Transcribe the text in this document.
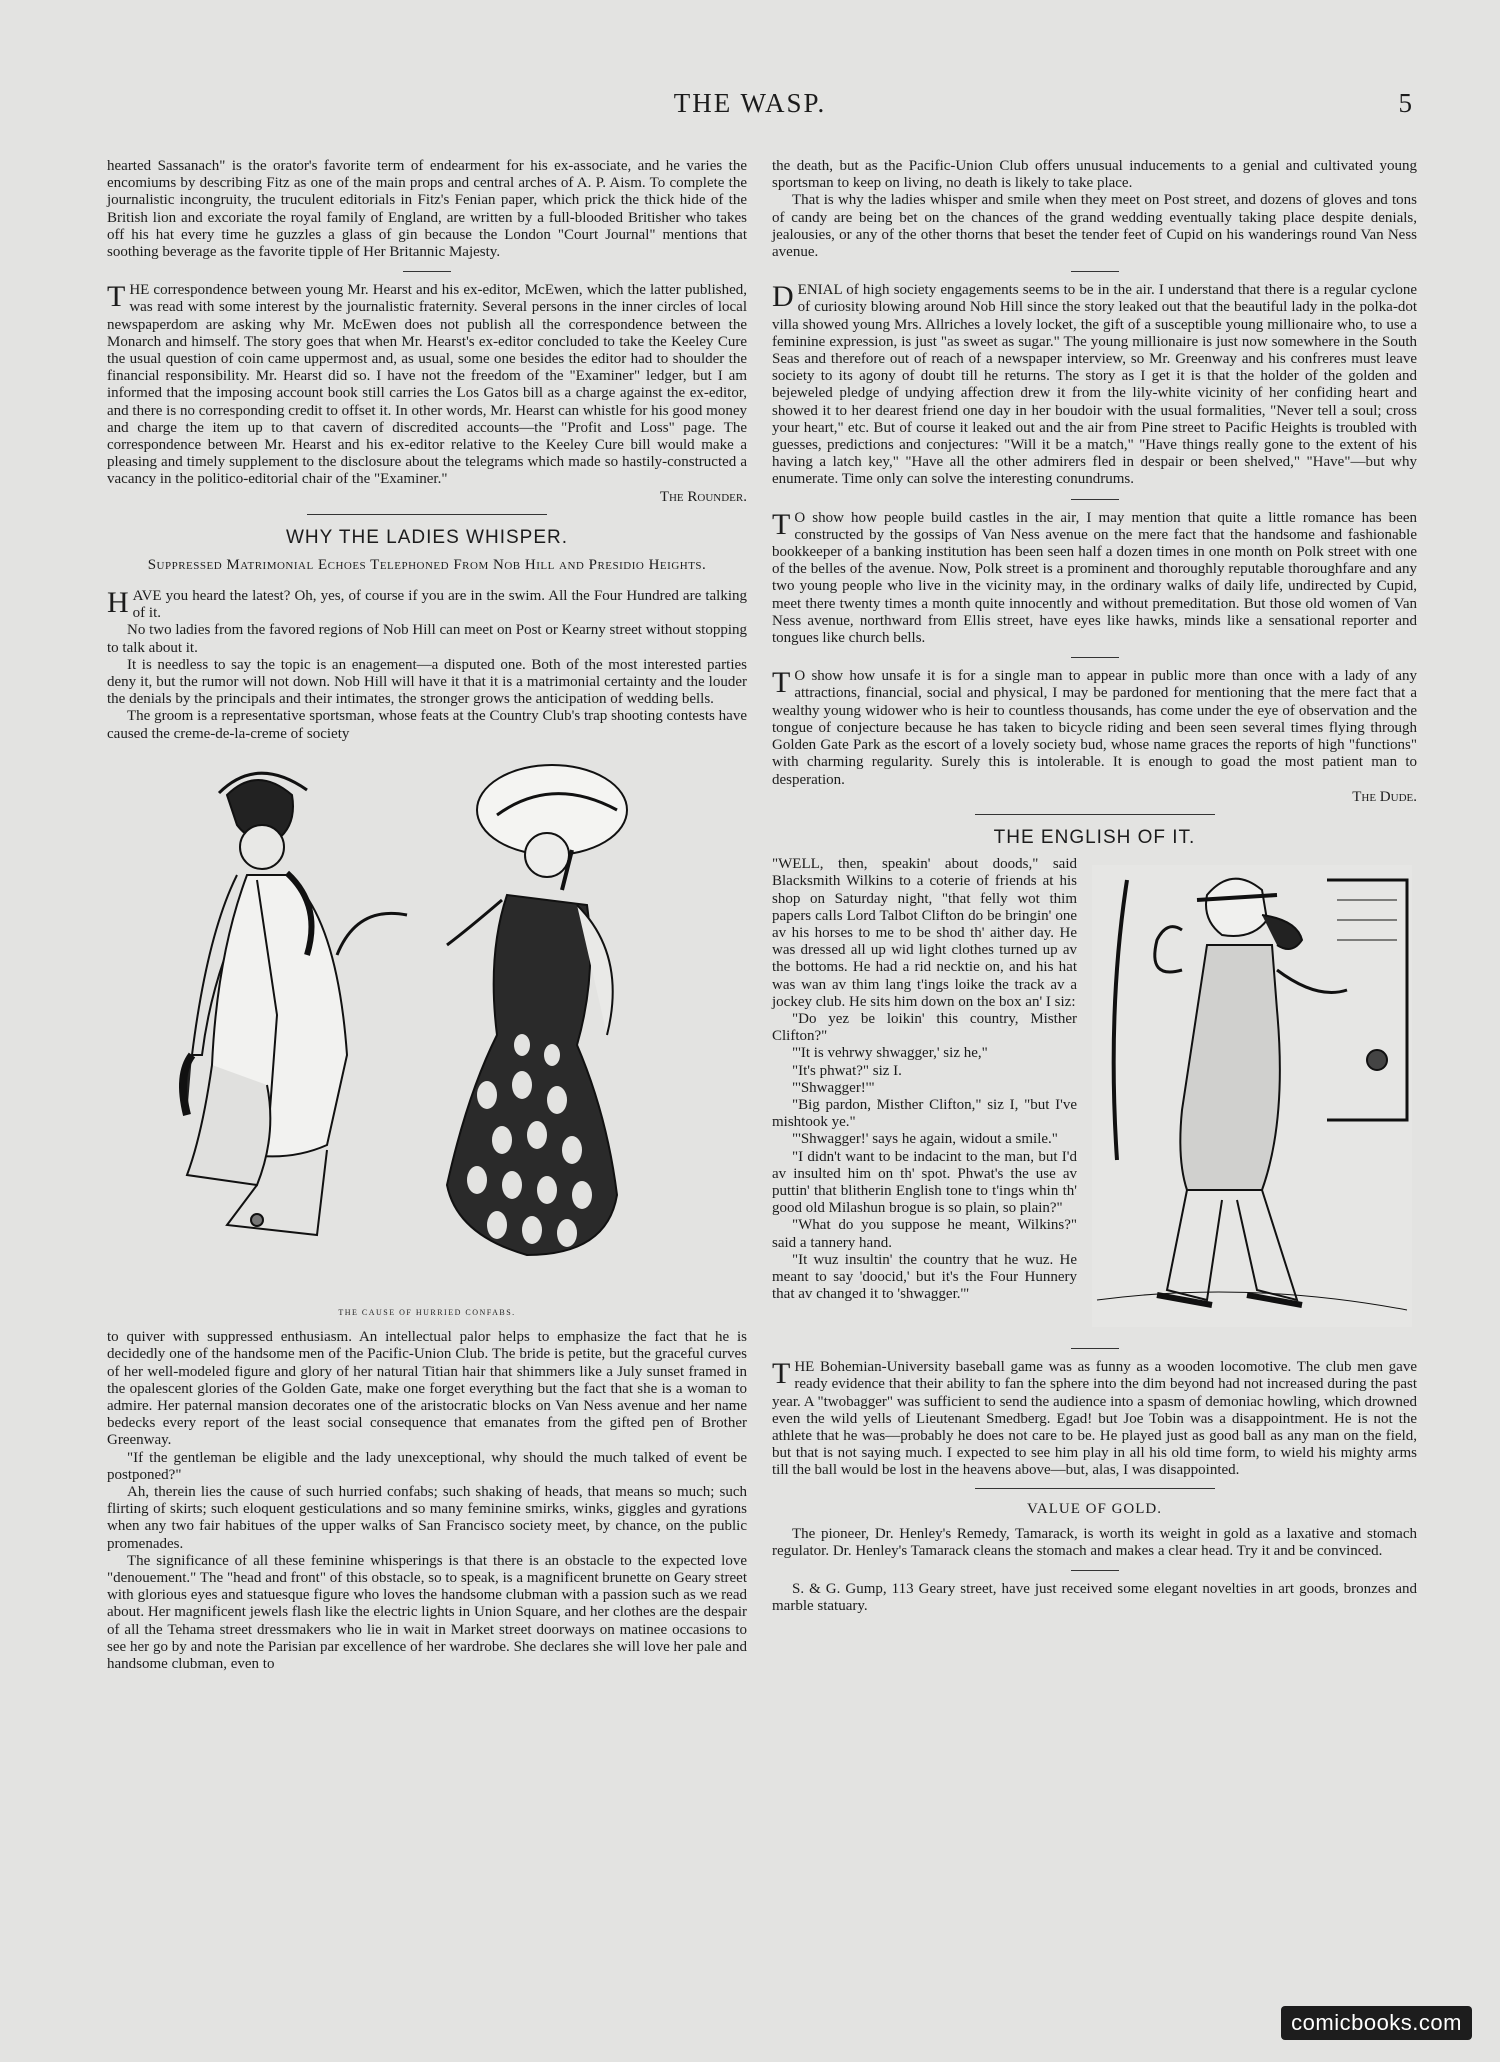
THE WASP.	5

hearted Sassanach" is the orator's favorite term of endearment for his ex-associate, and he varies the encomiums by describing Fitz as one of the main props and central arches of A. P. Aism. To complete the journalistic incongruity, the truculent editorials in Fitz's Fenian paper, which prick the thick hide of the British lion and excoriate the royal family of England, are written by a full-blooded Britisher who takes off his hat every time he guzzles a glass of gin because the London "Court Journal" mentions that soothing beverage as the favorite tipple of Her Britannic Majesty.

THE correspondence between young Mr. Hearst and his ex-editor, McEwen, which the latter published, was read with some interest by the journalistic fraternity. Several persons in the inner circles of local newspaperdom are asking why Mr. McEwen does not publish all the correspondence between the Monarch and himself. The story goes that when Mr. Hearst's ex-editor concluded to take the Keeley Cure the usual question of coin came uppermost and, as usual, some one besides the editor had to shoulder the financial responsibility. Mr. Hearst did so. I have not the freedom of the "Examiner" ledger, but I am informed that the imposing account book still carries the Los Gatos bill as a charge against the ex-editor, and there is no corresponding credit to offset it. In other words, Mr. Hearst can whistle for his good money and charge the item up to that cavern of discredited accounts—the "Profit and Loss" page. The correspondence between Mr. Hearst and his ex-editor relative to the Keeley Cure bill would make a pleasing and timely supplement to the disclosure about the telegrams which made so hastily-constructed a vacancy in the politico-editorial chair of the "Examiner."

The Rounder.
WHY THE LADIES WHISPER.
Suppressed Matrimonial Echoes Telephoned From Nob Hill and Presidio Heights.

HAVE you heard the latest? Oh, yes, of course if you are in the swim. All the Four Hundred are talking of it.

No two ladies from the favored regions of Nob Hill can meet on Post or Kearny street without stopping to talk about it.

It is needless to say the topic is an enagement—a disputed one. Both of the most interested parties deny it, but the rumor will not down. Nob Hill will have it that it is a matrimonial certainty and the louder the denials by the principals and their intimates, the stronger grows the anticipation of wedding bells.

The groom is a representative sportsman, whose feats at the Country Club's trap shooting contests have caused the creme-de-la-creme of society

THE CAUSE OF HURRIED CONFABS.

to quiver with suppressed enthusiasm. An intellectual palor helps to emphasize the fact that he is decidedly one of the handsome men of the Pacific-Union Club. The bride is petite, but the graceful curves of her well-modeled figure and glory of her natural Titian hair that shimmers like a July sunset framed in the opalescent glories of the Golden Gate, make one forget everything but the fact that she is a woman to admire. Her paternal mansion decorates one of the aristocratic blocks on Van Ness avenue and her name bedecks every report of the least social consequence that emanates from the gifted pen of Brother Greenway.

"If the gentleman be eligible and the lady unexceptional, why should the much talked of event be postponed?"

Ah, therein lies the cause of such hurried confabs; such shaking of heads, that means so much; such flirting of skirts; such eloquent gesticulations and so many feminine smirks, winks, giggles and gyrations when any two fair habitues of the upper walks of San Francisco society meet, by chance, on the public promenades.

The significance of all these feminine whisperings is that there is an obstacle to the expected love "denouement." The "head and front" of this obstacle, so to speak, is a magnificent brunette on Geary street with glorious eyes and statuesque figure who loves the handsome clubman with a passion such as we read about. Her magnificent jewels flash like the electric lights in Union Square, and her clothes are the despair of all the Tehama street dressmakers who lie in wait in Market street doorways on matinee occasions to see her go by and note the Parisian par excellence of her wardrobe. She declares she will love her pale and handsome clubman, even to

the death, but as the Pacific-Union Club offers unusual inducements to a genial and cultivated young sportsman to keep on living, no death is likely to take place.

That is why the ladies whisper and smile when they meet on Post street, and dozens of gloves and tons of candy are being bet on the chances of the grand wedding eventually taking place despite denials, jealousies, or any of the other thorns that beset the tender feet of Cupid on his wanderings round Van Ness avenue.

DENIAL of high society engagements seems to be in the air. I understand that there is a regular cyclone of curiosity blowing around Nob Hill since the story leaked out that the beautiful lady in the polka-dot villa showed young Mrs. Allriches a lovely locket, the gift of a susceptible young millionaire who, to use a feminine expression, is just "as sweet as sugar." The young millionaire is just now somewhere in the South Seas and therefore out of reach of a newspaper interview, so Mr. Greenway and his confreres must leave society to its agony of doubt till he returns. The story as I get it is that the holder of the golden and bejeweled pledge of undying affection drew it from the lily-white vicinity of her confiding heart and showed it to her dearest friend one day in her boudoir with the usual formalities, "Never tell a soul; cross your heart," etc. But of course it leaked out and the air from Pine street to Pacific Heights is troubled with guesses, predictions and conjectures: "Will it be a match," "Have things really gone to the extent of his having a latch key," "Have all the other admirers fled in despair or been shelved," "Have"—but why enumerate. Time only can solve the interesting conundrums.

TO show how people build castles in the air, I may mention that quite a little romance has been constructed by the gossips of Van Ness avenue on the mere fact that the handsome and fashionable bookkeeper of a banking institution has been seen half a dozen times in one month on Polk street with one of the belles of the avenue. Now, Polk street is a prominent and thoroughly reputable thoroughfare and any two young people who live in the vicinity may, in the ordinary walks of daily life, undirected by Cupid, meet there twenty times a month quite innocently and without premeditation. But those old women of Van Ness avenue, northward from Ellis street, have eyes like hawks, minds like a sensational reporter and tongues like church bells.

TO show how unsafe it is for a single man to appear in public more than once with a lady of any attractions, financial, social and physical, I may be pardoned for mentioning that the mere fact that a wealthy young widower who is heir to countless thousands, has come under the eye of observation and the tongue of conjecture because he has taken to bicycle riding and been seen several times flying through Golden Gate Park as the escort of a lovely society bud, whose name graces the reports of high "functions" with charming regularity. Surely this is intolerable. It is enough to goad the most patient man to desperation.

The Dude.
THE ENGLISH OF IT.

"WELL, then, speakin' about doods," said Blacksmith Wilkins to a coterie of friends at his shop on Saturday night, "that felly wot thim papers calls Lord Talbot Clifton do be bringin' one av his horses to me to be shod th' aither day. He was dressed all up wid light clothes turned up av the bottoms. He had a rid necktie on, and his hat was wan av thim lang t'ings loike the track av a jockey club. He sits him down on the box an' I siz:

"Do yez be loikin' this country, Misther Clifton?"

"'It is vehrwy shwagger,' siz he,"

"It's phwat?" siz I.

"'Shwagger!'"

"Big pardon, Misther Clifton," siz I, "but I've mishtook ye."

"'Shwagger!' says he again, widout a smile."

"I didn't want to be indacint to the man, but I'd av insulted him on th' spot. Phwat's the use av puttin' that blitherin English tone to t'ings whin th' good old Milashun brogue is so plain, so plain?"

"What do you suppose he meant, Wilkins?" said a tannery hand.

"It wuz insultin' the country that he wuz. He meant to say 'doocid,' but it's the Four Hunnery that av changed it to 'shwagger.'"

THE Bohemian-University baseball game was as funny as a wooden locomotive. The club men gave ready evidence that their ability to fan the sphere into the dim beyond had not increased during the past year. A "twobagger" was sufficient to send the audience into a spasm of demoniac howling, which drowned even the wild yells of Lieutenant Smedberg. Egad! but Joe Tobin was a disappointment. He is not the athlete that he was—probably he does not care to be. He played just as good ball as any man on the field, but that is not saying much. I expected to see him play in all his old time form, to wield his mighty arms till the ball would be lost in the heavens above—but, alas, I was disappointed.

VALUE OF GOLD.

The pioneer, Dr. Henley's Remedy, Tamarack, is worth its weight in gold as a laxative and stomach regulator. Dr. Henley's Tamarack cleans the stomach and makes a clear head. Try it and be convinced.

S. & G. Gump, 113 Geary street, have just received some elegant novelties in art goods, bronzes and marble statuary.

comicbooks.com
